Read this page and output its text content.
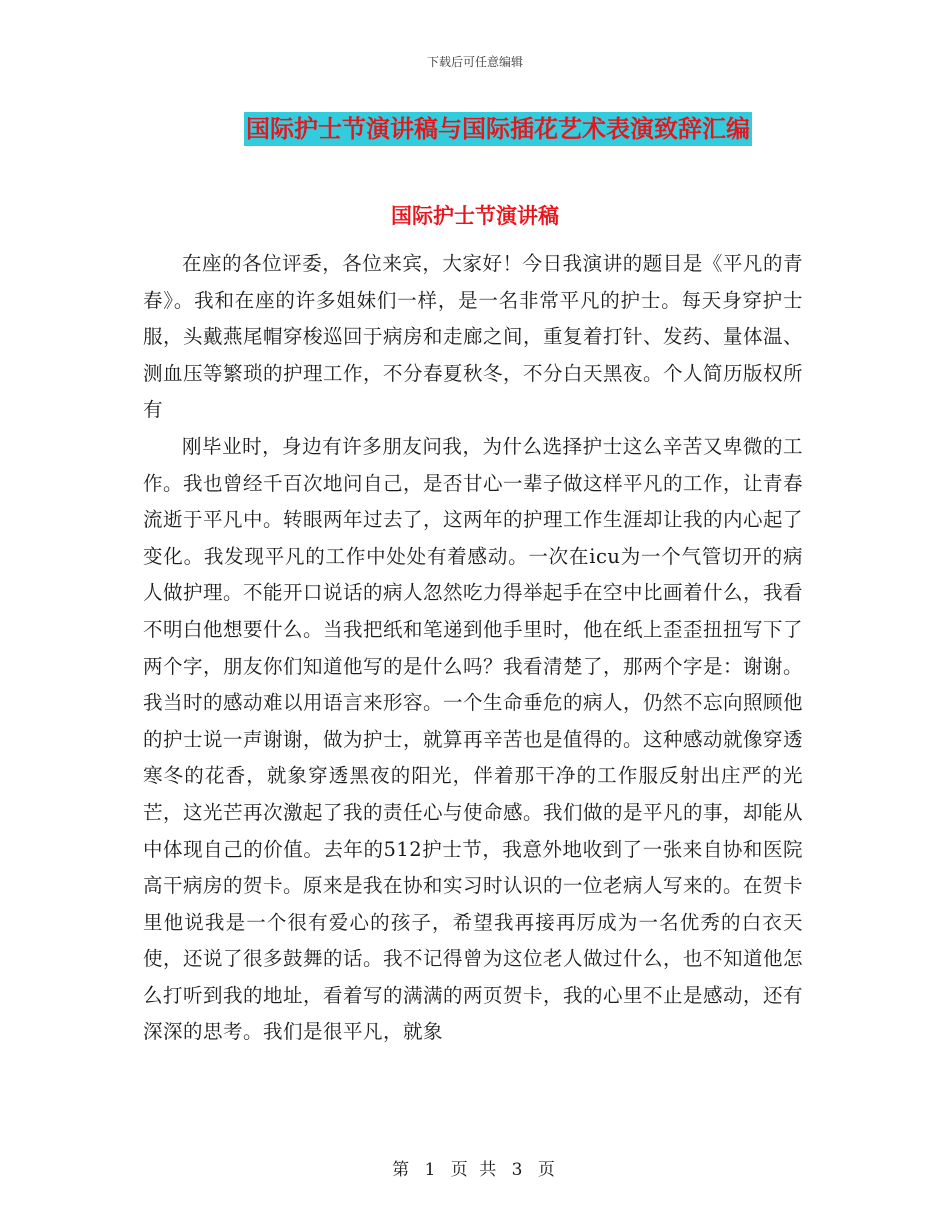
下载后可任意编辑
国际护士节演讲稿与国际插花艺术表演致辞汇编
国际护士节演讲稿

在座的各位评委，各位来宾，大家好！今日我演讲的题目是《平凡的青春》。我和在座的许多姐妹们一样，是一名非常平凡的护士。每天身穿护士服，头戴燕尾帽穿梭巡回于病房和走廊之间，重复着打针、发药、量体温、测血压等繁琐的护理工作，不分春夏秋冬，不分白天黑夜。个人简历版权所有

刚毕业时，身边有许多朋友问我，为什么选择护士这么辛苦又卑微的工作。我也曾经千百次地问自己，是否甘心一辈子做这样平凡的工作，让青春流逝于平凡中。转眼两年过去了，这两年的护理工作生涯却让我的内心起了变化。我发现平凡的工作中处处有着感动。一次在icu为一个气管切开的病人做护理。不能开口说话的病人忽然吃力得举起手在空中比画着什么，我看不明白他想要什么。当我把纸和笔递到他手里时，他在纸上歪歪扭扭写下了两个字，朋友你们知道他写的是什么吗？我看清楚了，那两个字是：谢谢。我当时的感动难以用语言来形容。一个生命垂危的病人，仍然不忘向照顾他的护士说一声谢谢，做为护士，就算再辛苦也是值得的。这种感动就像穿透寒冬的花香，就象穿透黑夜的阳光，伴着那干净的工作服反射出庄严的光芒，这光芒再次激起了我的责任心与使命感。我们做的是平凡的事，却能从中体现自己的价值。去年的512护士节，我意外地收到了一张来自协和医院高干病房的贺卡。原来是我在协和实习时认识的一位老病人写来的。在贺卡里他说我是一个很有爱心的孩子，希望我再接再厉成为一名优秀的白衣天使，还说了很多鼓舞的话。我不记得曾为这位老人做过什么，也不知道他怎么打听到我的地址，看着写的满满的两页贺卡，我的心里不止是感动，还有深深的思考。我们是很平凡，就象

第 1 页 共 3 页
